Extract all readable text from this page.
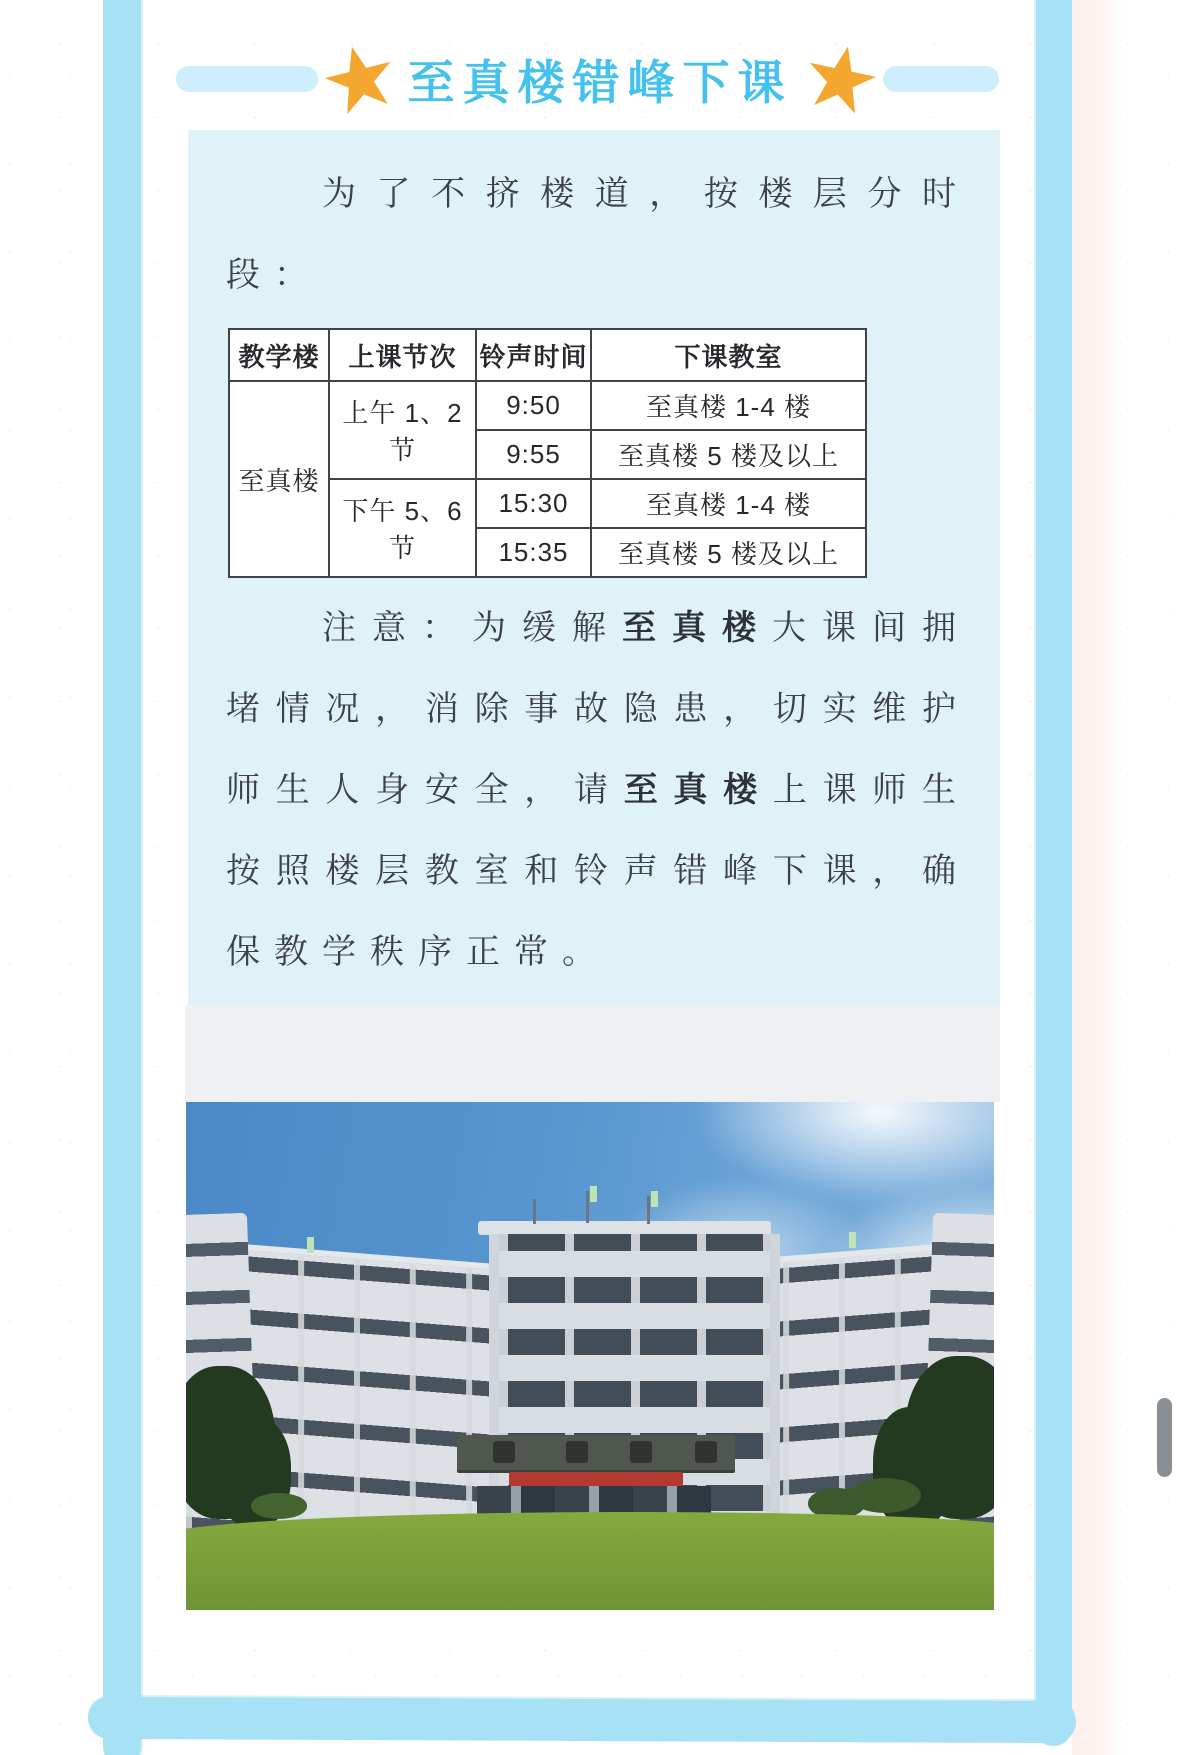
至真楼错峰下课

为了不挤楼道，按楼层分时段：

教学楼	上课节次	铃声时间	下课教室
至真楼	上午 1、2 节	9:50	至真楼 1-4 楼
		9:55	至真楼 5 楼及以上
	下午 5、6 节	15:30	至真楼 1-4 楼
		15:35	至真楼 5 楼及以上

注意：为缓解至真楼大课间拥堵情况，消除事故隐患，切实维护师生人身安全，请至真楼上课师生按照楼层教室和铃声错峰下课，确保教学秩序正常。
